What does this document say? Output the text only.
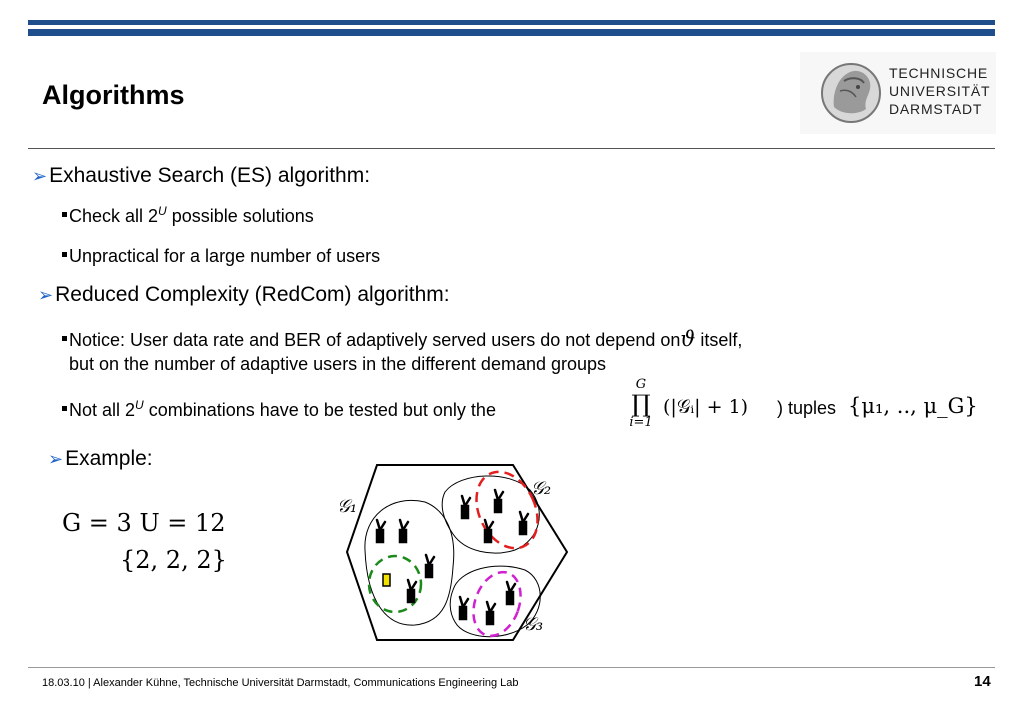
Algorithms
TECHNISCHE
UNIVERSITÄT
DARMSTADT
➢Exhaustive Search (ES) algorithm:
Check all $2^U$ possible solutions
Unpractical for a large number of users
➢Reduced Complexity (RedCom) algorithm:
Notice: User data rate and BER of adaptively served users do not depend onϑ itself,
but on the number of adaptive users in the different demand groups
Not all $2^U$ combinations have to be tested but only the
G
∏
i=1
(|𝒢ᵢ| + 1) ) tuples {μ₁, .., μ_G}
➢Example:
G = 3 U = 12
{2, 2, 2}
𝒢₁
𝒢₂
𝒢₃
18.03.10 | Alexander Kühne, Technische Universität Darmstadt, Communications Engineering Lab	14
